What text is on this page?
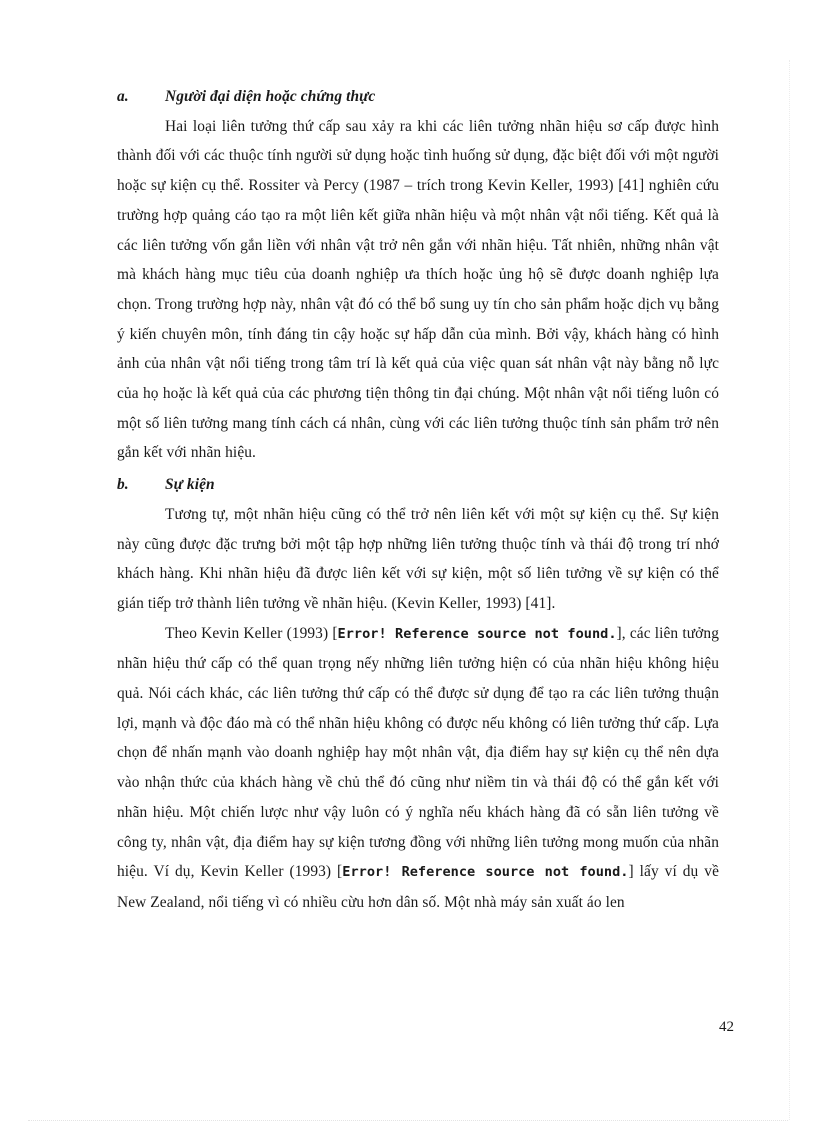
a.	Người đại diện hoặc chứng thực

Hai loại liên tưởng thứ cấp sau xảy ra khi các liên tưởng nhãn hiệu sơ cấp được hình thành đối với các thuộc tính người sử dụng hoặc tình huống sử dụng, đặc biệt đối với một người hoặc sự kiện cụ thể. Rossiter và Percy (1987 – trích trong Kevin Keller, 1993) [41] nghiên cứu trường hợp quảng cáo tạo ra một liên kết giữa nhãn hiệu và một nhân vật nổi tiếng. Kết quả là các liên tưởng vốn gắn liền với nhân vật trở nên gắn với nhãn hiệu. Tất nhiên, những nhân vật mà khách hàng mục tiêu của doanh nghiệp ưa thích hoặc ủng hộ sẽ được doanh nghiệp lựa chọn. Trong trường hợp này, nhân vật đó có thể bổ sung uy tín cho sản phẩm hoặc dịch vụ bằng ý kiến chuyên môn, tính đáng tin cậy hoặc sự hấp dẫn của mình. Bởi vậy, khách hàng có hình ảnh của nhân vật nổi tiếng trong tâm trí là kết quả của việc quan sát nhân vật này bằng nỗ lực của họ hoặc là kết quả của các phương tiện thông tin đại chúng. Một nhân vật nổi tiếng luôn có một số liên tưởng mang tính cách cá nhân, cùng với các liên tưởng thuộc tính sản phẩm trở nên gắn kết với nhãn hiệu.

b.	Sự kiện

Tương tự, một nhãn hiệu cũng có thể trở nên liên kết với một sự kiện cụ thể. Sự kiện này cũng được đặc trưng bởi một tập hợp những liên tưởng thuộc tính và thái độ trong trí nhớ khách hàng. Khi nhãn hiệu đã được liên kết với sự kiện, một số liên tưởng về sự kiện có thể gián tiếp trở thành liên tưởng về nhãn hiệu. (Kevin Keller, 1993) [41].

Theo Kevin Keller (1993) [Error! Reference source not found.], các liên tưởng nhãn hiệu thứ cấp có thể quan trọng nếy những liên tưởng hiện có của nhãn hiệu không hiệu quả. Nói cách khác, các liên tưởng thứ cấp có thể được sử dụng để tạo ra các liên tưởng thuận lợi, mạnh và độc đáo mà có thể nhãn hiệu không có được nếu không có liên tưởng thứ cấp. Lựa chọn để nhấn mạnh vào doanh nghiệp hay một nhân vật, địa điểm hay sự kiện cụ thể nên dựa vào nhận thức của khách hàng về chủ thể đó cũng như niềm tin và thái độ có thể gắn kết với nhãn hiệu. Một chiến lược như vậy luôn có ý nghĩa nếu khách hàng đã có sẵn liên tưởng về công ty, nhân vật, địa điểm hay sự kiện tương đồng với những liên tưởng mong muốn của nhãn hiệu. Ví dụ, Kevin Keller (1993) [Error! Reference source not found.] lấy ví dụ về New Zealand, nổi tiếng vì có nhiều cừu hơn dân số. Một nhà máy sản xuất áo len

42
